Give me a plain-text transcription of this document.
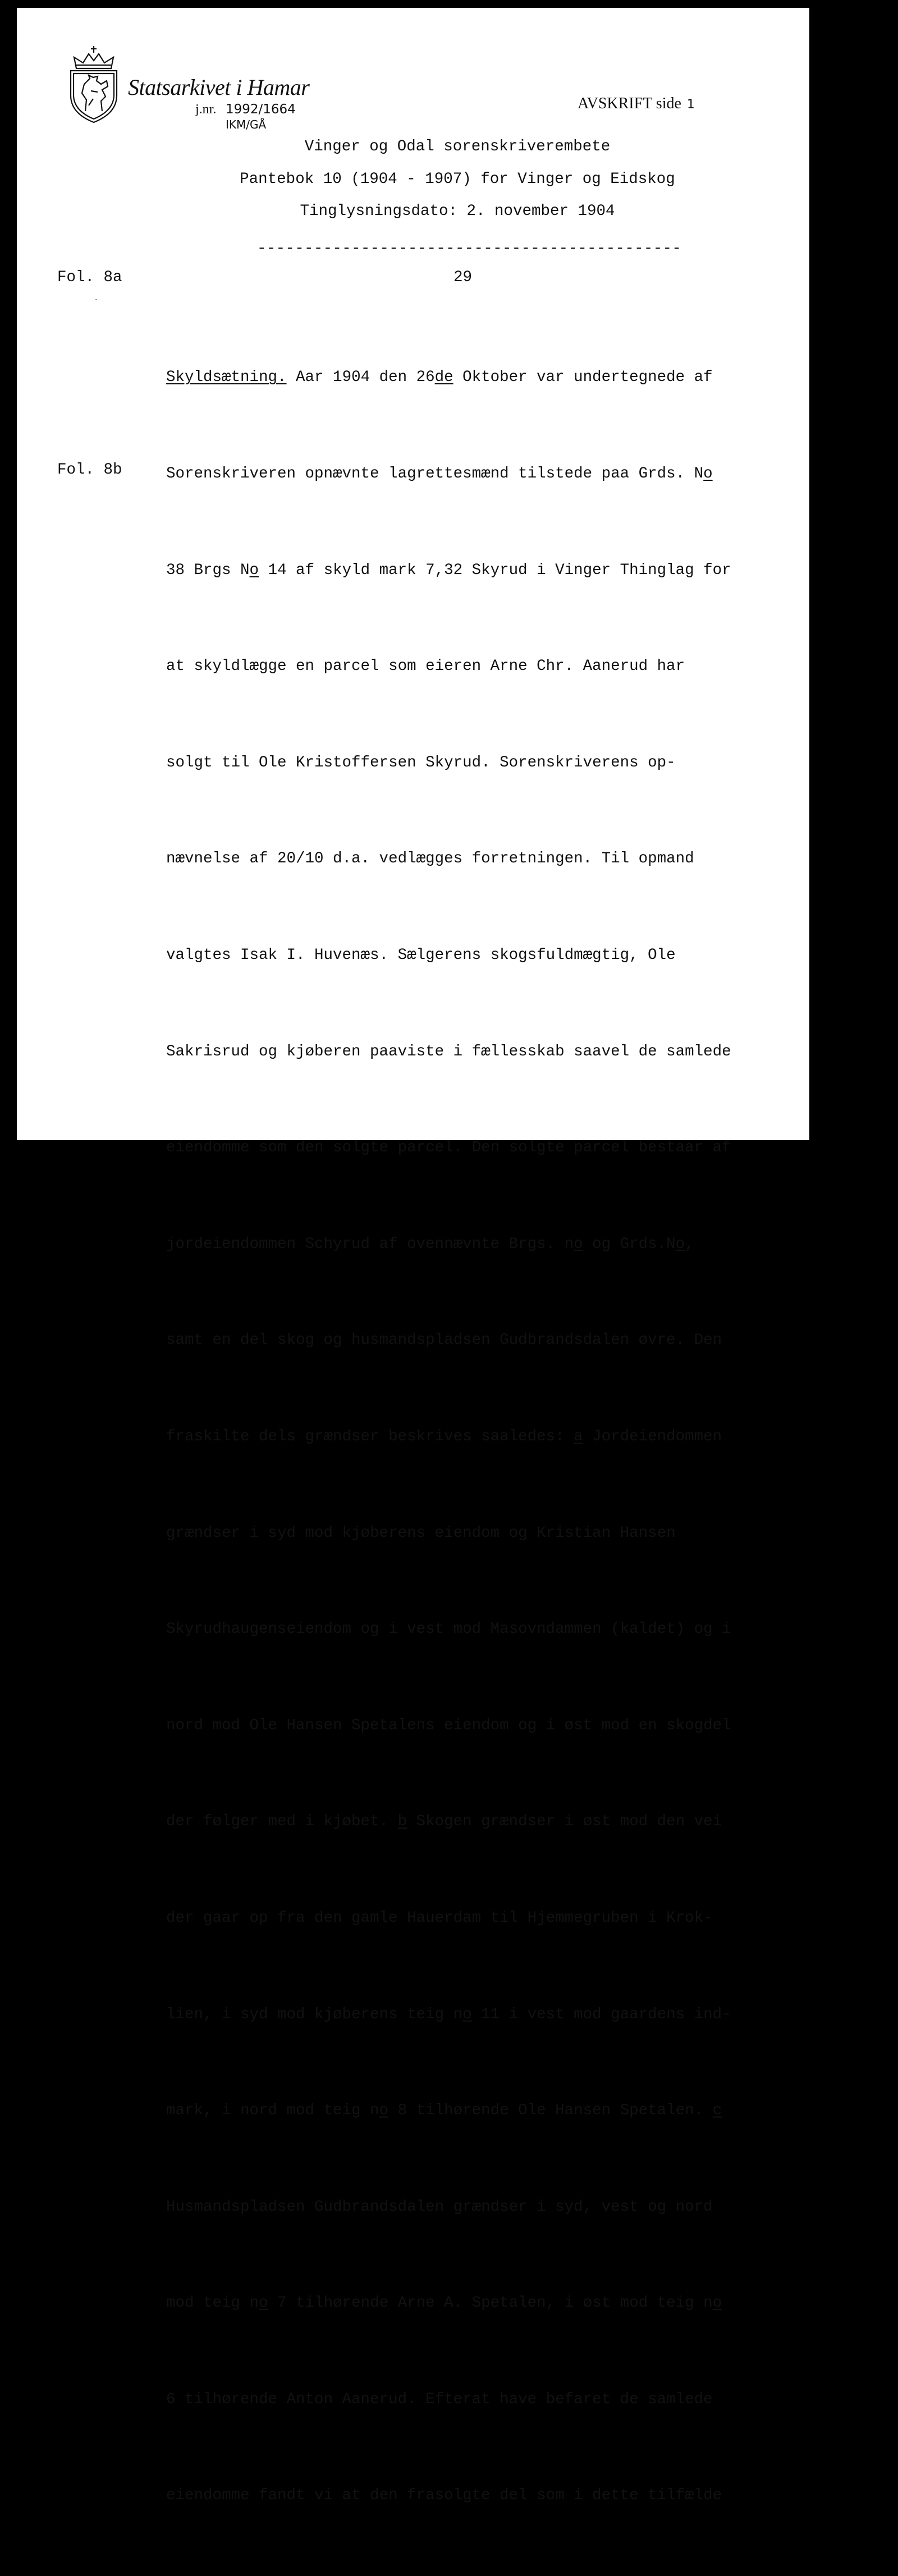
Statsarkivet i Hamar
j.nr. 1992/1664
IKM/GÅ
AVSKRIFT side 1
Vinger og Odal sorenskriverembete
Pantebok 10 (1904 - 1907) for Vinger og Eidskog
Tinglysningsdato: 2. november 1904
---------------------------------------------
Fol. 8a	29
Fol. 8b

Skyldsætning. Aar 1904 den 26de Oktober var undertegnede af

Sorenskriveren opnævnte lagrettesmænd tilstede paa Grds. No

38 Brgs No 14 af skyld mark 7,32 Skyrud i Vinger Thinglag for

at skyldlægge en parcel som eieren Arne Chr. Aanerud har

solgt til Ole Kristoffersen Skyrud. Sorenskriverens op-

nævnelse af 20/10 d.a. vedlægges forretningen. Til opmand

valgtes Isak I. Huvenæs. Sælgerens skogsfuldmægtig, Ole

Sakrisrud og kjøberen paaviste i fællesskab saavel de samlede

eiendomme som den solgte parcel. Den solgte parcel bestaar af

jordeiendommen Schyrud af ovennævnte Brgs. no og Grds.No,

samt en del skog og husmandspladsen Gudbrandsdalen øvre. Den

fraskilte dels grændser beskrives saaledes: a Jordeiendommen

grændser i syd mod kjøberens eiendom og Kristian Hansen

Skyrudhaugenseiendom og i vest mod Masovndammen (kaldet) og i

nord mod Ole Hansen Spetalens eiendom og i øst mod en skogdel

der følger med i kjøbet. b Skogen grændser i øst mod den vei

der gaar op fra den gamle Hauerdam til Hjemmegruben i Krok-

lien, i syd mod kjøberens teig no 11 i vest mod gaardens ind-

mark, i nord mod teig no 8 tilhørende Ole Hansen Spetalen. c

Husmandspladsen Gudbrandsdalen grændser i syd, vest og nord

mod teig no 7 tilhørende Arne A. Spetalen, i øst mod teig no

6 tilhørende Anton Aanerud. Efterat have befaret de samlede

eiendomme fandt vi at den frasolgte del som i dette tilfælde
